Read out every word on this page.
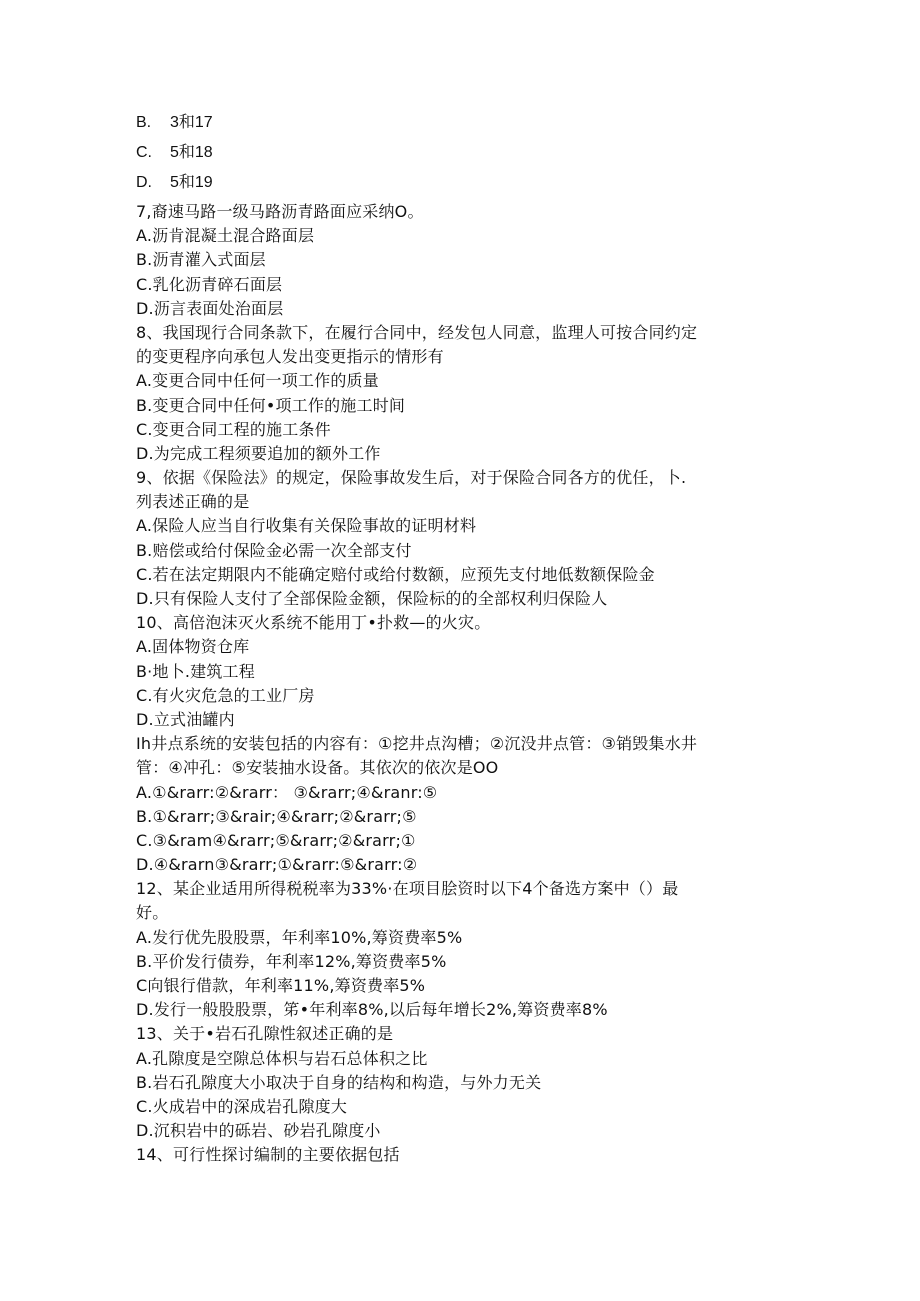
B. 3和17
C. 5和18
D. 5和19
7,裔速马路一级马路沥青路面应采纳O。
A.沥肯混凝土混合路面层
B.沥青灌入式面层
C.乳化沥青碎石面层
D.沥言表面处治面层
8、我国现行合同条款下，在履行合同中，经发包人同意，监理人可按合同约定
的变更程序向承包人发出变更指示的情形有
A.变更合同中任何一项工作的质量
B.变更合同中任何•项工作的施工时间
C.变更合同工程的施工条件
D.为完成工程须要追加的额外工作
9、依据《保险法》的规定，保险事故发生后，对于保险合同各方的优任，卜.
列表述正确的是
A.保险人应当自行收集有关保险事故的证明材料
B.赔偿或给付保险金必需一次全部支付
C.若在法定期限内不能确定赔付或给付数额，应预先支付地低数额保险金
D.只有保险人支付了全部保险金额，保险标的的全部权利归保险人
10、高倍泡沫灭火系统不能用丁•扑救—的火灾。
A.固体物资仓库
B·地卜.建筑工程
C.有火灾危急的工业厂房
D.立式油罐内
Ih井点系统的安装包括的内容有：①挖井点沟槽；②沉没井点管：③销毁集水井
管：④冲孔：⑤安装抽水设备。其依次的依次是OO
A.①&rarr:②&rarr： ③&rarr;④&ranr:⑤
B.①&rarr;③&rair;④&rarr;②&rarr;⑤
C.③&ram④&rarr;⑤&rarr;②&rarr;①
D.④&rarn③&rarr;①&rarr:⑤&rarr:②
12、某企业适用所得税税率为33%·在项目脍资时以下4个备选方案中（）最
好。
A.发行优先股股票，年利率10%,筹资费率5%
B.平价发行债券，年利率12%,筹资费率5%
C向银行借款，年利率11%,筹资费率5%
D.发行一般股股票，笫•年利率8%,以后每年增长2%,筹资费率8%
13、关于•岩石孔隙性叙述正确的是
A.孔隙度是空隙总体枳与岩石总体积之比
B.岩石孔隙度大小取决于自身的结构和构造，与外力无关
C.火成岩中的深成岩孔隙度大
D.沉积岩中的砾岩、砂岩孔隙度小
14、可行性探讨编制的主要依据包括
